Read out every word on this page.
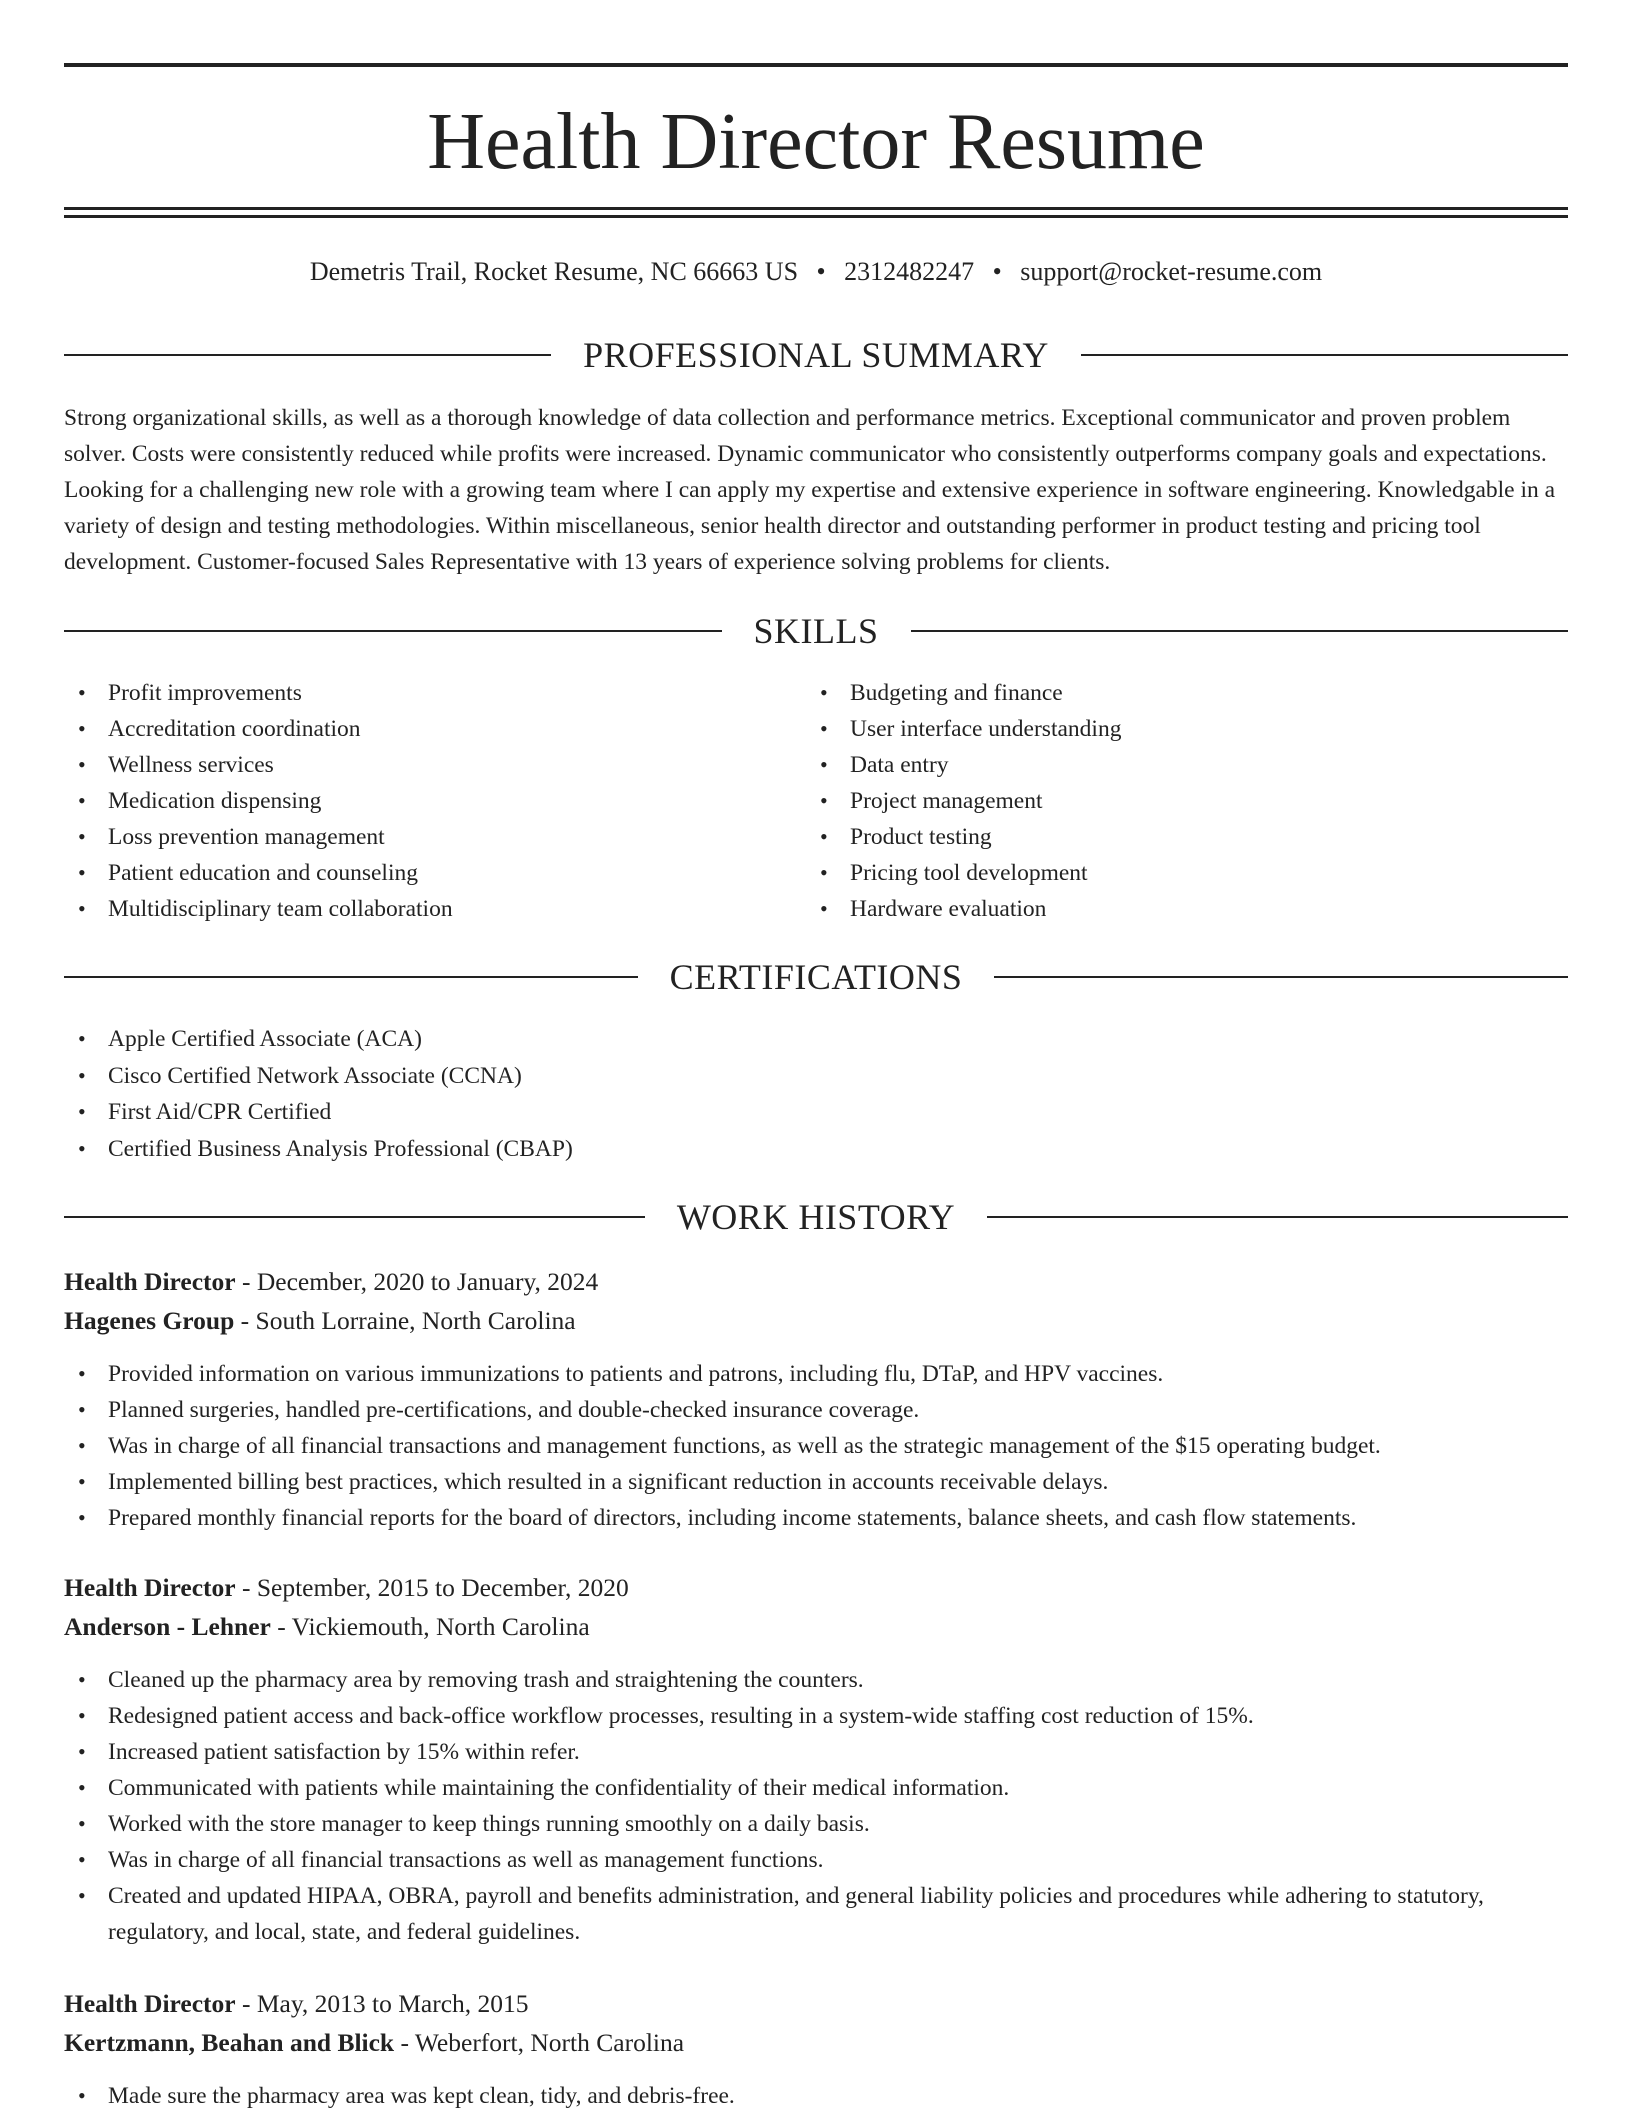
Health Director Resume
Demetris Trail, Rocket Resume, NC 66663 US • 2312482247 • support@rocket-resume.com
PROFESSIONAL SUMMARY

Strong organizational skills, as well as a thorough knowledge of data collection and performance metrics. Exceptional communicator and proven problem solver. Costs were consistently reduced while profits were increased. Dynamic communicator who consistently outperforms company goals and expectations. Looking for a challenging new role with a growing team where I can apply my expertise and extensive experience in software engineering. Knowledgable in a variety of design and testing methodologies. Within miscellaneous, senior health director and outstanding performer in product testing and pricing tool development. Customer-focused Sales Representative with 13 years of experience solving problems for clients.

SKILLS
• Profit improvements
• Accreditation coordination
• Wellness services
• Medication dispensing
• Loss prevention management
• Patient education and counseling
• Multidisciplinary team collaboration
• Budgeting and finance
• User interface understanding
• Data entry
• Project management
• Product testing
• Pricing tool development
• Hardware evaluation
CERTIFICATIONS
• Apple Certified Associate (ACA)
• Cisco Certified Network Associate (CCNA)
• First Aid/CPR Certified
• Certified Business Analysis Professional (CBAP)
WORK HISTORY
Health Director - December, 2020 to January, 2024
Hagenes Group - South Lorraine, North Carolina
• Provided information on various immunizations to patients and patrons, including flu, DTaP, and HPV vaccines.
• Planned surgeries, handled pre-certifications, and double-checked insurance coverage.
• Was in charge of all financial transactions and management functions, as well as the strategic management of the $15 operating budget.
• Implemented billing best practices, which resulted in a significant reduction in accounts receivable delays.
• Prepared monthly financial reports for the board of directors, including income statements, balance sheets, and cash flow statements.
Health Director - September, 2015 to December, 2020
Anderson - Lehner - Vickiemouth, North Carolina
• Cleaned up the pharmacy area by removing trash and straightening the counters.
• Redesigned patient access and back-office workflow processes, resulting in a system-wide staffing cost reduction of 15%.
• Increased patient satisfaction by 15% within refer.
• Communicated with patients while maintaining the confidentiality of their medical information.
• Worked with the store manager to keep things running smoothly on a daily basis.
• Was in charge of all financial transactions as well as management functions.
• Created and updated HIPAA, OBRA, payroll and benefits administration, and general liability policies and procedures while adhering to statutory, regulatory, and local, state, and federal guidelines.
Health Director - May, 2013 to March, 2015
Kertzmann, Beahan and Blick - Weberfort, North Carolina
• Made sure the pharmacy area was kept clean, tidy, and debris-free.
